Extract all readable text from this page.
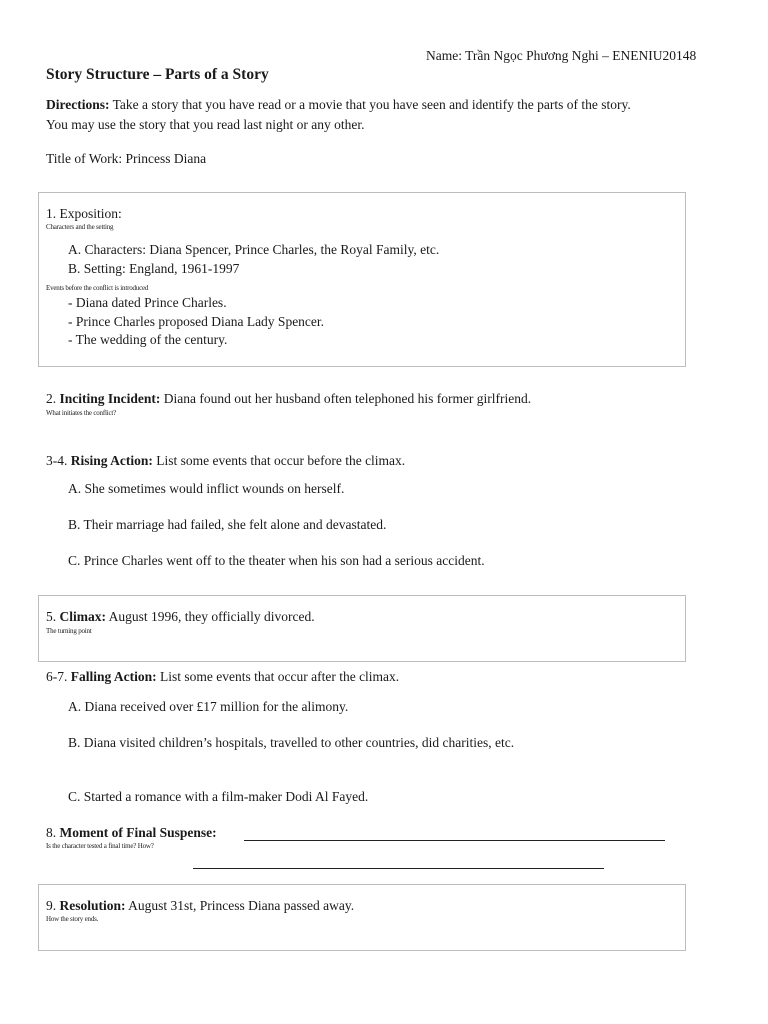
Name: Trần Ngọc Phương Nghi – ENENIU20148
Story Structure – Parts of a Story
Directions: Take a story that you have read or a movie that you have seen and identify the parts of the story.
You may use the story that you read last night or any other.
Title of Work: Princess Diana
1. Exposition:
Characters and the setting
A. Characters: Diana Spencer, Prince Charles, the Royal Family, etc.
B. Setting: England, 1961-1997
Events before the conflict is introduced
- Diana dated Prince Charles.
- Prince Charles proposed Diana Lady Spencer.
- The wedding of the century.
2. Inciting Incident: Diana found out her husband often telephoned his former girlfriend.
What initiates the conflict?
3-4. Rising Action: List some events that occur before the climax.
A. She sometimes would inflict wounds on herself.
B. Their marriage had failed, she felt alone and devastated.
C. Prince Charles went off to the theater when his son had a serious accident.
5. Climax: August 1996, they officially divorced.
The turning point
6-7. Falling Action: List some events that occur after the climax.
A. Diana received over £17 million for the alimony.
B. Diana visited children’s hospitals, travelled to other countries, did charities, etc.
C. Started a romance with a film-maker Dodi Al Fayed.
8. Moment of Final Suspense:
Is the character tested a final time? How?
9. Resolution: August 31st, Princess Diana passed away.
How the story ends.
